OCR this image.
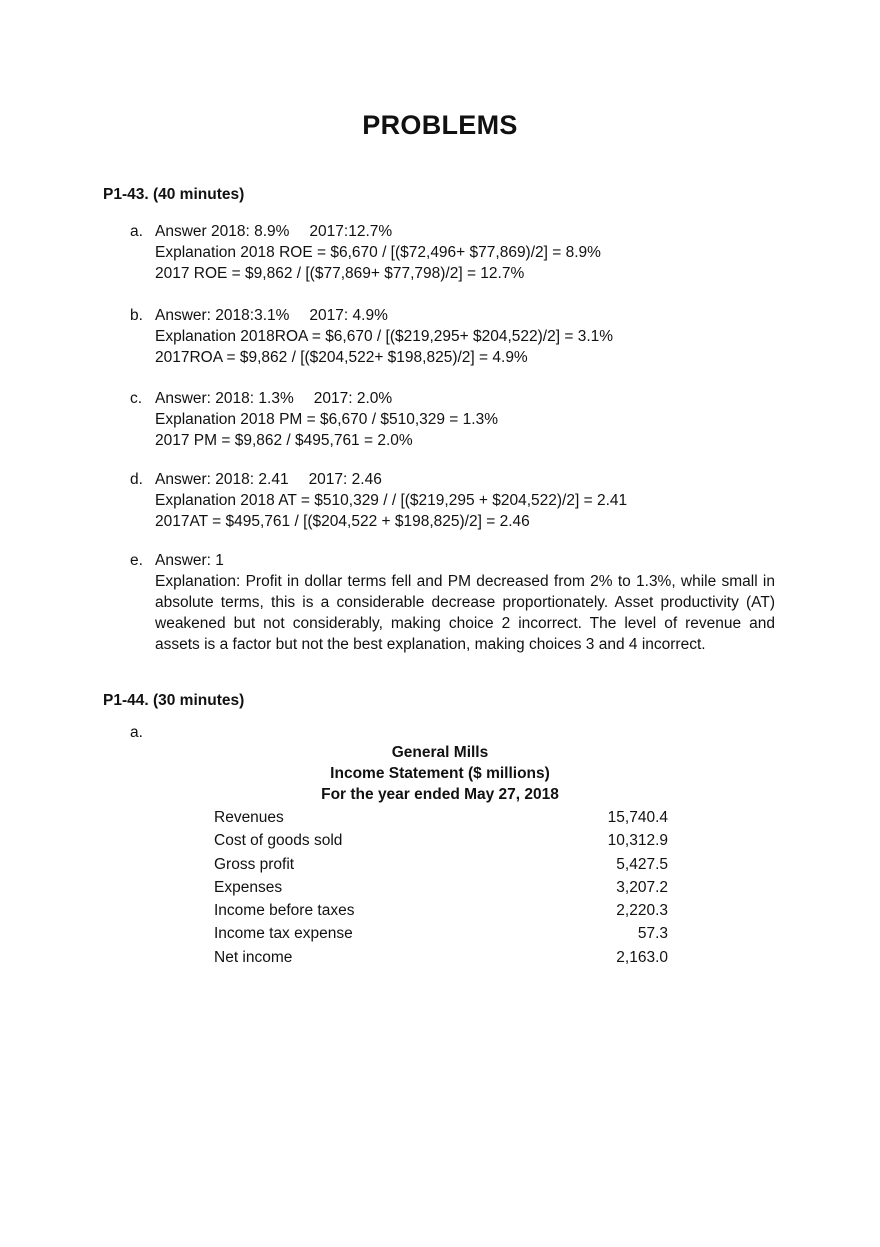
PROBLEMS
P1-43. (40 minutes)
a. Answer 2018: 8.9% 2017:12.7%
Explanation 2018 ROE = $6,670 / [($72,496+ $77,869)/2] = 8.9%
2017 ROE = $9,862 / [($77,869+ $77,798)/2] = 12.7%
b. Answer: 2018:3.1% 2017: 4.9%
Explanation 2018ROA = $6,670 / [($219,295+ $204,522)/2] = 3.1%
2017ROA = $9,862 / [($204,522+ $198,825)/2] = 4.9%
c. Answer: 2018: 1.3% 2017: 2.0%
Explanation 2018 PM = $6,670 / $510,329 = 1.3%
2017 PM = $9,862 / $495,761 = 2.0%
d. Answer: 2018: 2.41 2017: 2.46
Explanation 2018 AT = $510,329 / / [($219,295 + $204,522)/2] = 2.41
2017AT = $495,761 / [($204,522 + $198,825)/2] = 2.46
e. Answer: 1
Explanation: Profit in dollar terms fell and PM decreased from 2% to 1.3%, while small in absolute terms, this is a considerable decrease proportionately. Asset productivity (AT) weakened but not considerably, making choice 2 incorrect. The level of revenue and assets is a factor but not the best explanation, making choices 3 and 4 incorrect.
P1-44. (30 minutes)
a.
General Mills
Income Statement ($ millions)
For the year ended May 27, 2018
Revenues	15,740.4
Cost of goods sold	10,312.9
Gross profit	5,427.5
Expenses	3,207.2
Income before taxes	2,220.3
Income tax expense	57.3
Net income	2,163.0
